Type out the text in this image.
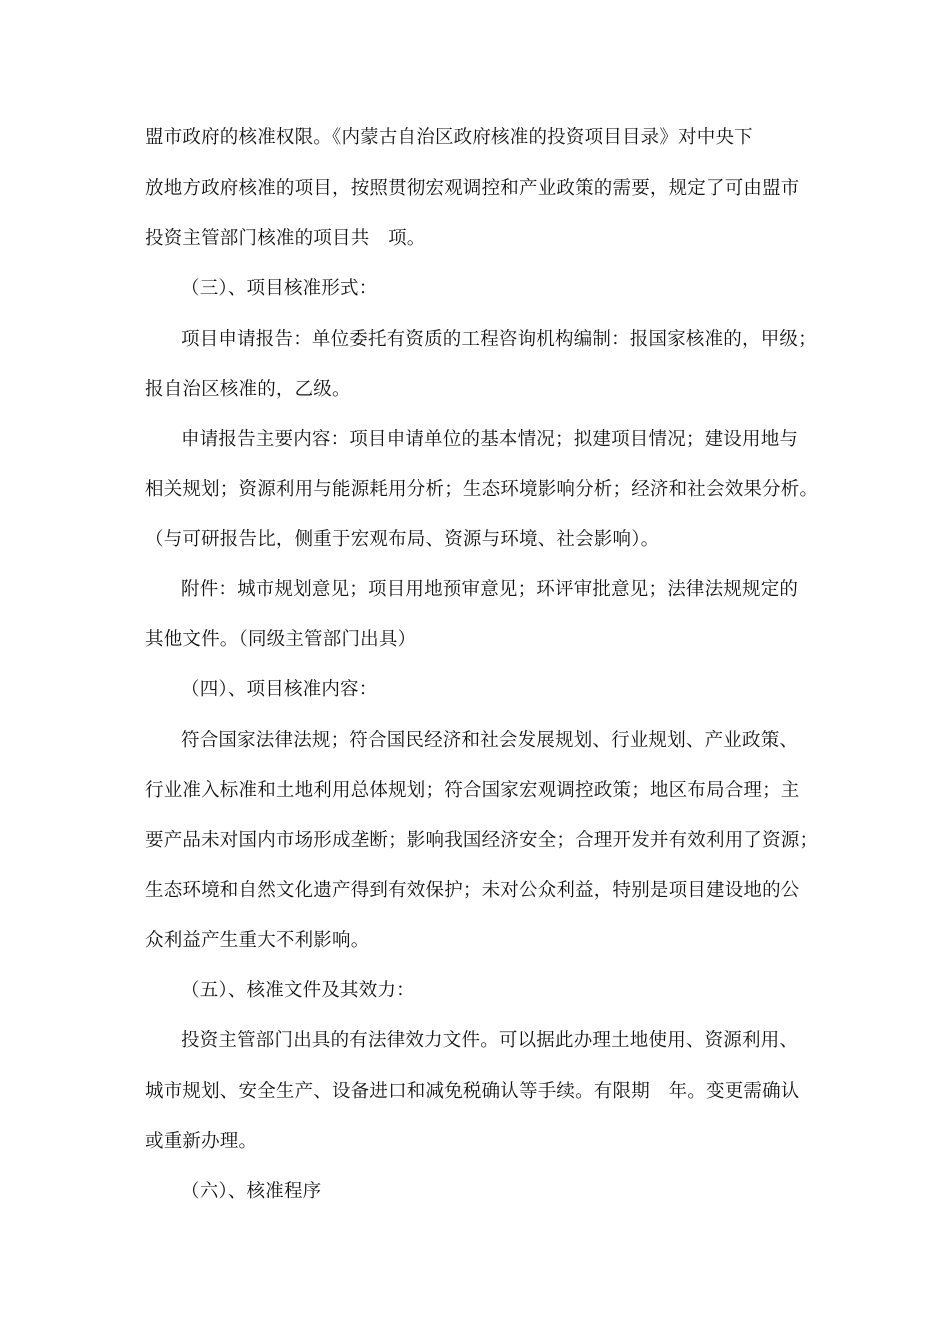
盟市政府的核准权限。《内蒙古自治区政府核准的投资项目目录》对中央下
放地方政府核准的项目，按照贯彻宏观调控和产业政策的需要，规定了可由盟市
投资主管部门核准的项目共　项。
（三）、项目核准形式：
项目申请报告：单位委托有资质的工程咨询机构编制：报国家核准的，甲级；
报自治区核准的，乙级。
申请报告主要内容：项目申请单位的基本情况；拟建项目情况；建设用地与
相关规划；资源利用与能源耗用分析；生态环境影响分析；经济和社会效果分析。
（与可研报告比，侧重于宏观布局、资源与环境、社会影响）。
附件：城市规划意见；项目用地预审意见；环评审批意见；法律法规规定的
其他文件。（同级主管部门出具）
（四）、项目核准内容：
符合国家法律法规；符合国民经济和社会发展规划、行业规划、产业政策、
行业准入标准和土地利用总体规划；符合国家宏观调控政策；地区布局合理；主
要产品未对国内市场形成垄断；影响我国经济安全；合理开发并有效利用了资源；
生态环境和自然文化遗产得到有效保护；未对公众利益，特别是项目建设地的公
众利益产生重大不利影响。
（五）、核准文件及其效力：
投资主管部门出具的有法律效力文件。可以据此办理土地使用、资源利用、
城市规划、安全生产、设备进口和减免税确认等手续。有限期　年。变更需确认
或重新办理。
（六）、核准程序
